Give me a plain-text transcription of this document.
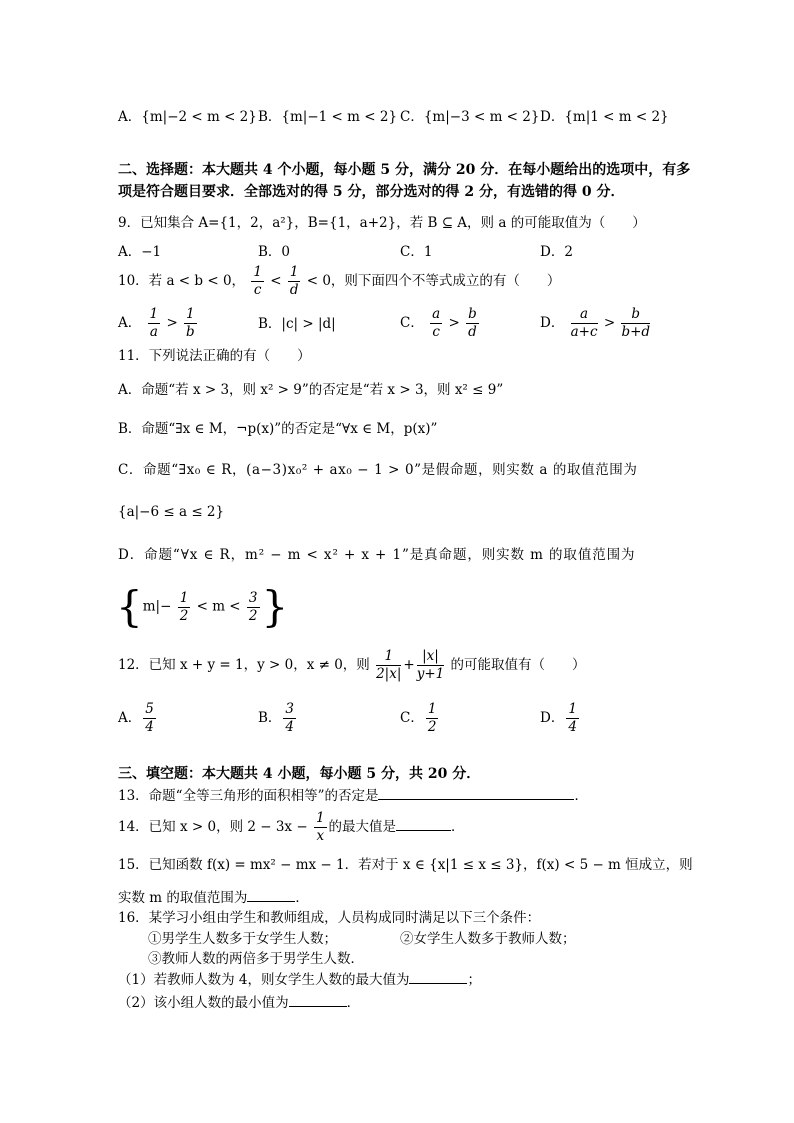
A．{m|−2 < m < 2} B．{m|−1 < m < 2} C．{m|−3 < m < 2} D．{m|1 < m < 2}
二、选择题：本大题共 4 个小题，每小题 5 分，满分 20 分．在每小题给出的选项中，有多
项是符合题目要求．全部选对的得 5 分，部分选对的得 2 分，有选错的得 0 分．
9．已知集合 A={1，2，a²}，B={1，a+2}，若 B ⊆ A，则 a 的可能取值为（　　）
A．−1	B．0	C．1	D．2
10．若 a < b < 0， $\frac{1}{c} < \frac{1}{d} < 0$，则下面四个不等式成立的有（　　）
A． $\frac{1}{a} > \frac{1}{b}$	B．|c| > |d|	C． $\frac{a}{c} > \frac{b}{d}$	D． $\frac{a}{a+c} > \frac{b}{b+d}$
11．下列说法正确的有（　　）
A．命题“若 x > 3，则 x² > 9”的否定是“若 x > 3，则 x² ≤ 9”
B．命题“∃x ∈ M，¬p(x)”的否定是“∀x ∈ M，p(x)”
C．命题“∃x₀ ∈ R，(a−3)x₀² + ax₀ − 1 > 0”是假命题，则实数 a 的取值范围为
{a|−6 ≤ a ≤ 2}
D．命题“∀x ∈ R，m² − m < x² + x + 1”是真命题，则实数 m 的取值范围为
{$m|- \frac{1}{2} < m < \frac{3}{2}$ }
12．已知 x + y = 1，y > 0，x ≠ 0，则 $\frac{1}{2|x|} + \frac{|x|}{y+1}$ 的可能取值有（　　）
A． $\frac{5}{4}$	B． $\frac{3}{4}$	C． $\frac{1}{2}$	D． $\frac{1}{4}$
三、填空题：本大题共 4 小题，每小题 5 分，共 20 分．
13．命题“全等三角形的面积相等”的否定是	．
14．已知 x > 0，则 $2 - 3x - \frac{1}{x}$ 的最大值是	．
15．已知函数 f(x) = mx² − mx − 1．若对于 x ∈ {x|1 ≤ x ≤ 3}，f(x) < 5 − m 恒成立，则
实数 m 的取值范围为	．
16．某学习小组由学生和教师组成，人员构成同时满足以下三个条件：
①男学生人数多于女学生人数；	②女学生人数多于教师人数；
③教师人数的两倍多于男学生人数．
（1）若教师人数为 4，则女学生人数的最大值为	；
（2）该小组人数的最小值为	．
